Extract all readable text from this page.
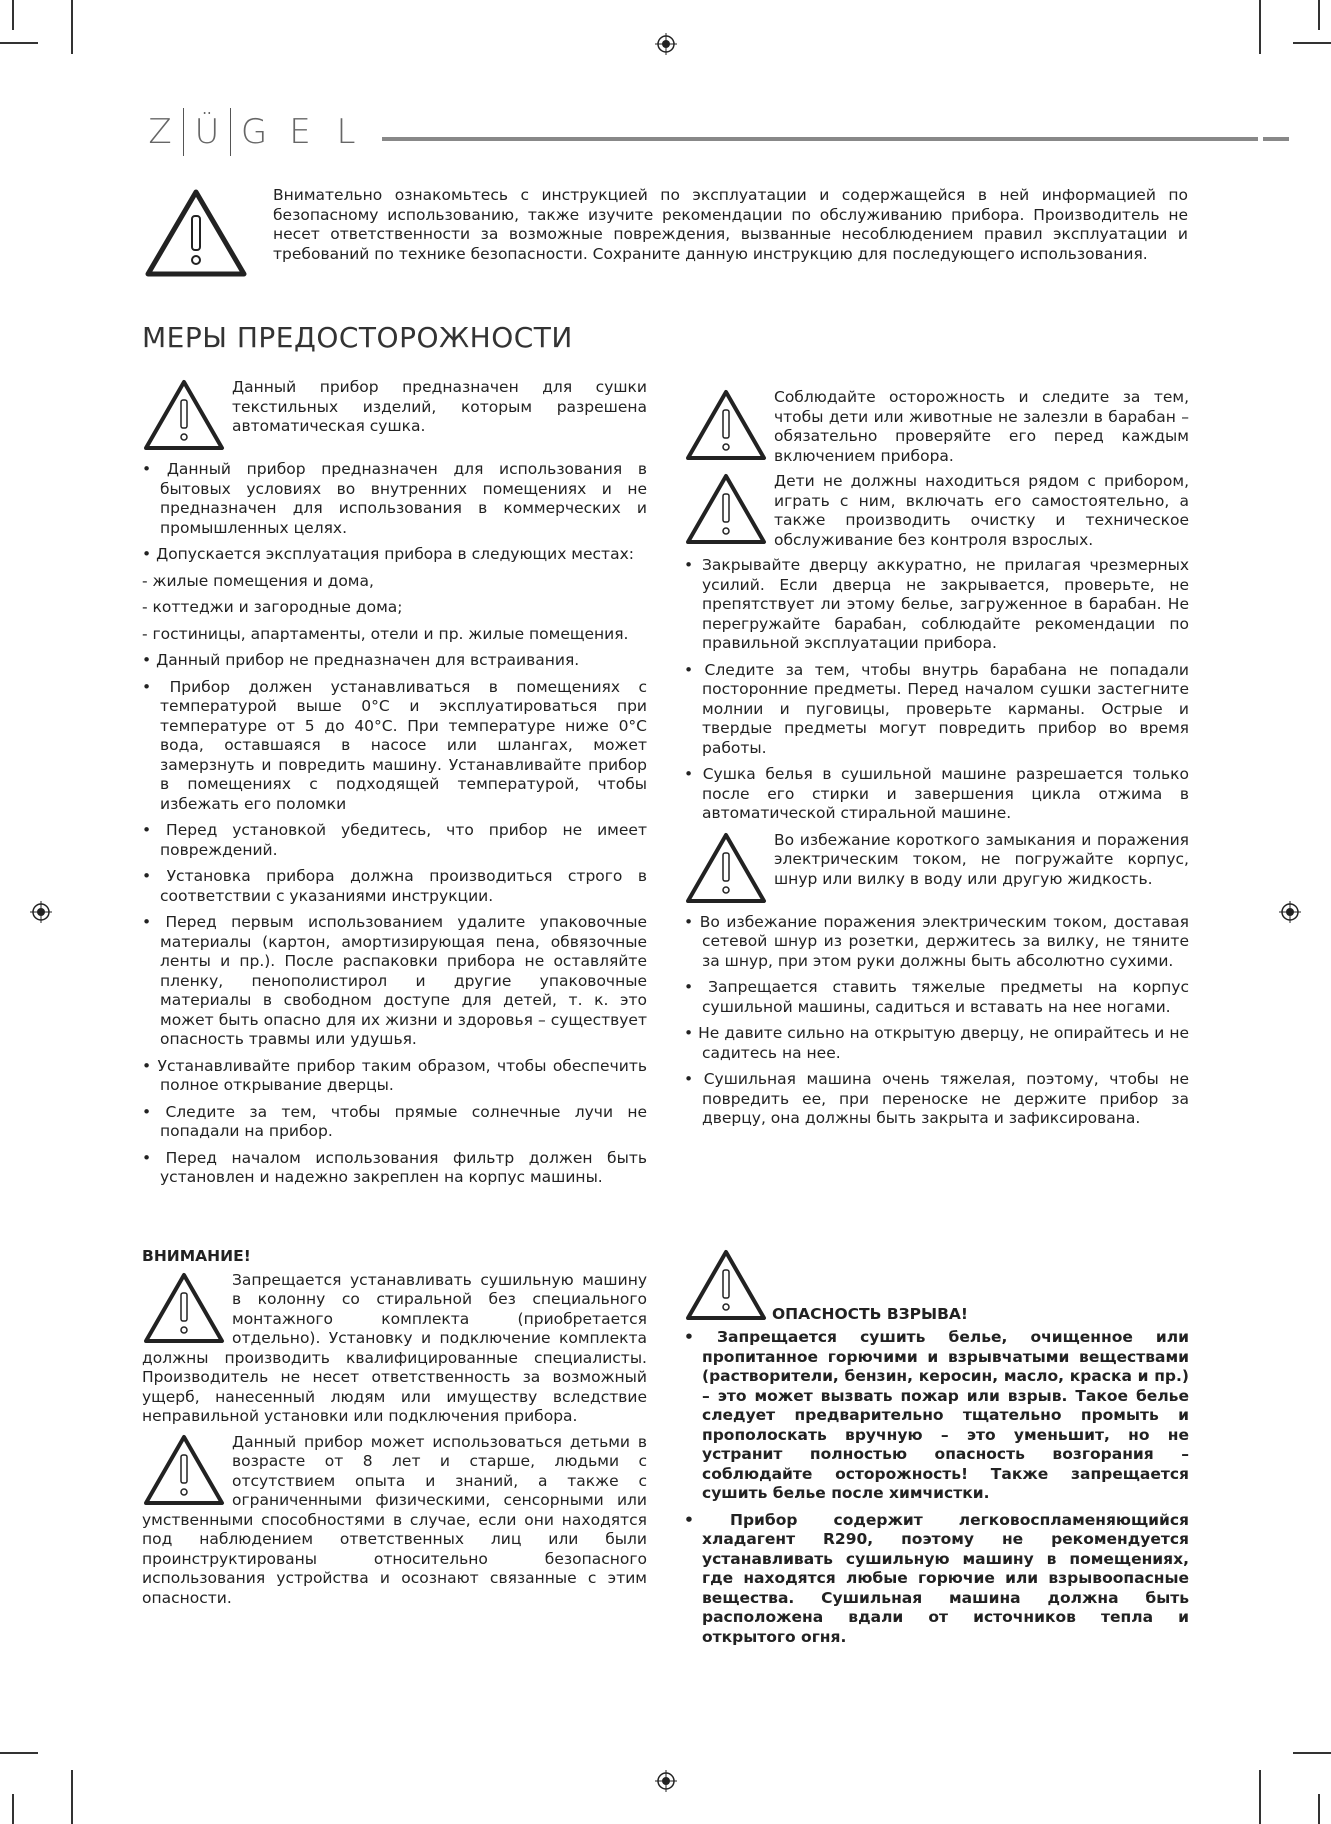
Z Ü G E L
Внимательно ознакомьтесь с инструкцией по эксплуатации и содержащейся в ней информацией по безопасному использованию, также изучите рекомендации по обслуживанию прибора. Производитель не несет ответственности за возможные повреждения, вызванные несоблюдением правил эксплуатации и требований по технике безопасности. Сохраните данную инструкцию для последующего использования.
МЕРЫ ПРЕДОСТОРОЖНОСТИ
Данный прибор предназначен для сушки текстильных изделий, которым разрешена автоматическая сушка.

• Данный прибор предназначен для использования в бытовых условиях во внутренних помещениях и не предназначен для использования в коммерческих и промышленных целях.

• Допускается эксплуатация прибора в следующих местах:

- жилые помещения и дома,

- коттеджи и загородные дома;

- гостиницы, апартаменты, отели и пр. жилые помещения.

• Данный прибор не предназначен для встраивания.

• Прибор должен устанавливаться в помещениях с температурой выше 0°С и эксплуатироваться при температуре от 5 до 40°С. При температуре ниже 0°С вода, оставшаяся в насосе или шлангах, может замерзнуть и повредить машину. Устанавливайте прибор в помещениях с подходящей температурой, чтобы избежать его поломки

• Перед установкой убедитесь, что прибор не имеет повреждений.

• Установка прибора должна производиться строго в соответствии с указаниями инструкции.

• Перед первым использованием удалите упаковочные материалы (картон, амортизирующая пена, обвязочные ленты и пр.). После распаковки прибора не оставляйте пленку, пенополистирол и другие упаковочные материалы в свободном доступе для детей, т. к. это может быть опасно для их жизни и здоровья – существует опасность травмы или удушья.

• Устанавливайте прибор таким образом, чтобы обеспечить полное открывание дверцы.

• Следите за тем, чтобы прямые солнечные лучи не попадали на прибор.

• Перед началом использования фильтр должен быть установлен и надежно закреплен на корпус машины.

ВНИМАНИЕ!
Запрещается устанавливать сушильную машину в колонну со стиральной без специального монтажного комплекта (приобретается отдельно). Установку и подключение комплекта должны производить квалифицированные специалисты. Производитель не несет ответственность за возможный ущерб, нанесенный людям или имуществу вследствие неправильной установки или подключения прибора.
Данный прибор может использоваться детьми в возрасте от 8 лет и старше, людьми с отсутствием опыта и знаний, а также с ограниченными физическими, сенсорными или умственными способностями в случае, если они находятся под наблюдением ответственных лиц или были проинструктированы относительно безопасного использования устройства и осознают связанные с этим опасности.
Соблюдайте осторожность и следите за тем, чтобы дети или животные не залезли в барабан – обязательно проверяйте его перед каждым включением прибора.
Дети не должны находиться рядом с прибором, играть с ним, включать его самостоятельно, а также производить очистку и техническое обслуживание без контроля взрослых.

• Закрывайте дверцу аккуратно, не прилагая чрезмерных усилий. Если дверца не закрывается, проверьте, не препятствует ли этому белье, загруженное в барабан. Не перегружайте барабан, соблюдайте рекомендации по правильной эксплуатации прибора.

• Следите за тем, чтобы внутрь барабана не попадали посторонние предметы. Перед началом сушки застегните молнии и пуговицы, проверьте карманы. Острые и твердые предметы могут повредить прибор во время работы.

• Сушка белья в сушильной машине разрешается только после его стирки и завершения цикла отжима в автоматической стиральной машине.

Во избежание короткого замыкания и поражения электрическим током, не погружайте корпус, шнур или вилку в воду или другую жидкость.

• Во избежание поражения электрическим током, доставая сетевой шнур из розетки, держитесь за вилку, не тяните за шнур, при этом руки должны быть абсолютно сухими.

• Запрещается ставить тяжелые предметы на корпус сушильной машины, садиться и вставать на нее ногами.

• Не давите сильно на открытую дверцу, не опирайтесь и не садитесь на нее.

• Сушильная машина очень тяжелая, поэтому, чтобы не повредить ее, при переноске не держите прибор за дверцу, она должны быть закрыта и зафиксирована.

ОПАСНОСТЬ ВЗРЫВА!

• Запрещается сушить белье, очищенное или пропитанное горючими и взрывчатыми веществами (растворители, бензин, керосин, масло, краска и пр.) – это может вызвать пожар или взрыв. Такое белье следует предварительно тщательно промыть и прополоскать вручную – это уменьшит, но не устранит полностью опасность возгорания – соблюдайте осторожность! Также запрещается сушить белье после химчистки.

• Прибор содержит легковоспламеняющийся хладагент R290, поэтому не рекомендуется устанавливать сушильную машину в помещениях, где находятся любые горючие или взрывоопасные вещества. Сушильная машина должна быть расположена вдали от источников тепла и открытого огня.
